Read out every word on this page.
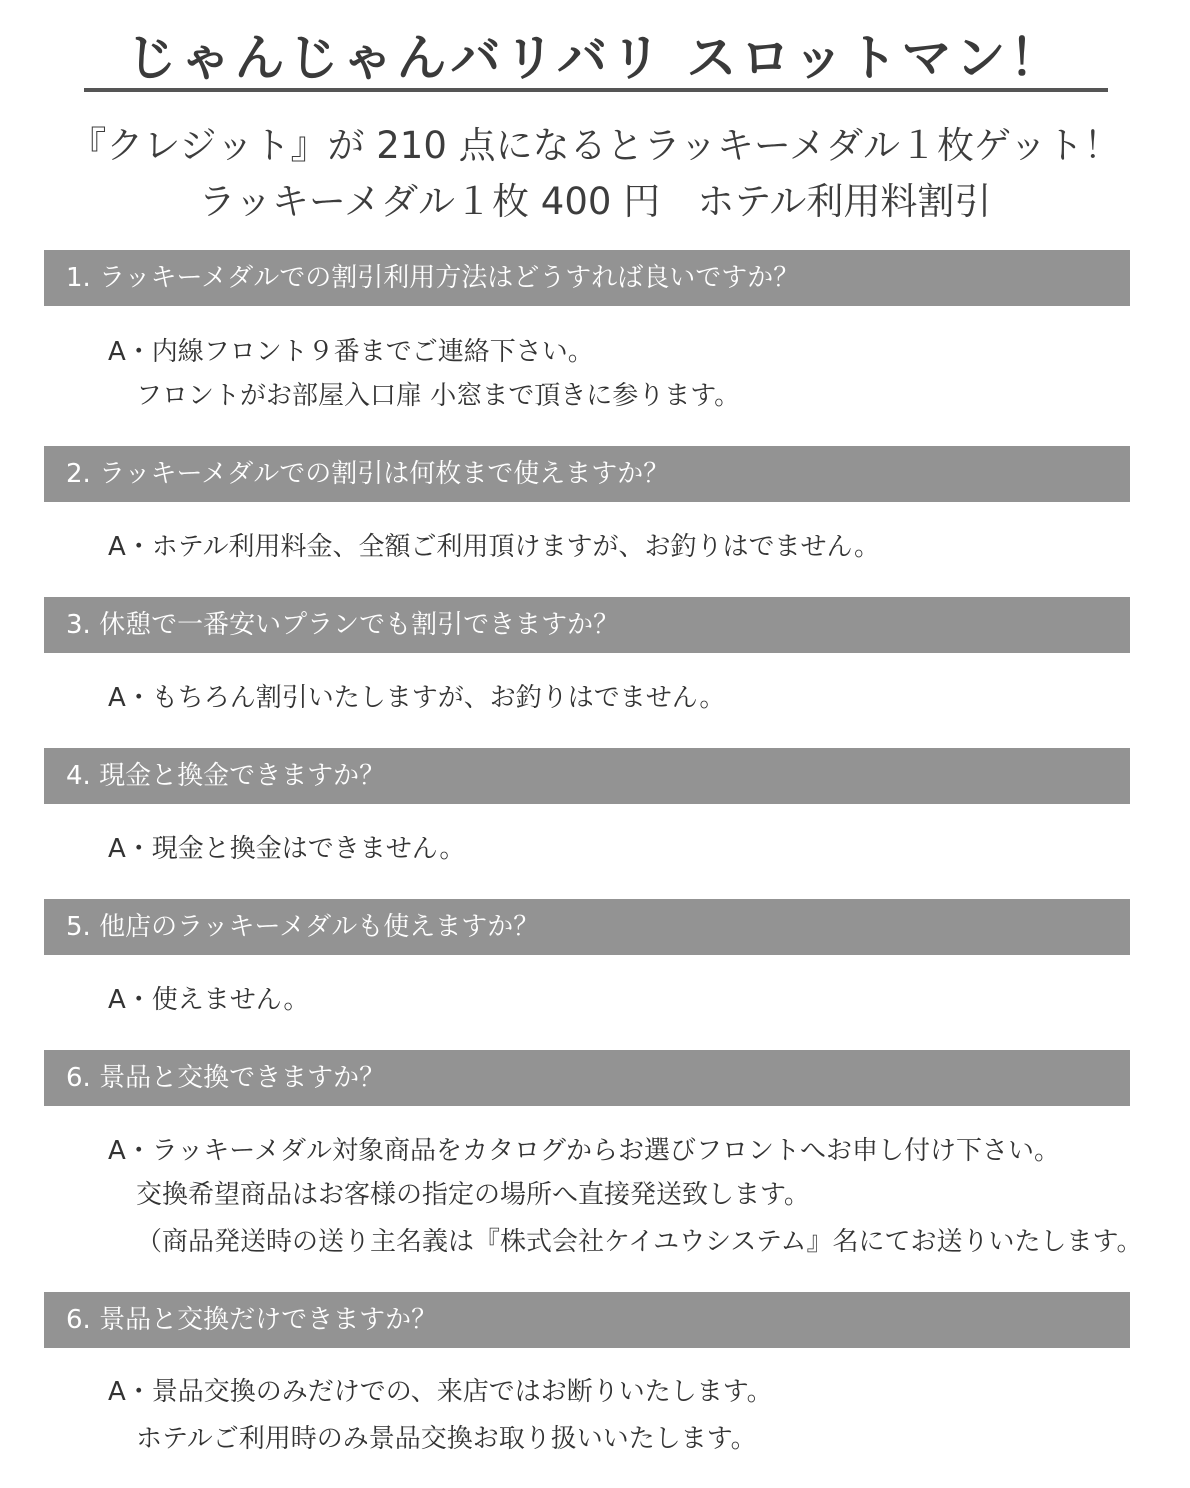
じゃんじゃんバリバリ スロットマン！
『クレジット』が 210 点になるとラッキーメダル１枚ゲット！
ラッキーメダル１枚 400 円　ホテル利用料割引
1. ラッキーメダルでの割引利用方法はどうすれば良いですか？
A・内線フロント９番までご連絡下さい。
フロントがお部屋入口扉 小窓まで頂きに参ります。
2. ラッキーメダルでの割引は何枚まで使えますか？
A・ホテル利用料金、全額ご利用頂けますが、お釣りはでません。
3. 休憩で一番安いプランでも割引できますか？
A・もちろん割引いたしますが、お釣りはでません。
4. 現金と換金できますか？
A・現金と換金はできません。
5. 他店のラッキーメダルも使えますか？
A・使えません。
6. 景品と交換できますか？
A・ラッキーメダル対象商品をカタログからお選びフロントへお申し付け下さい。
交換希望商品はお客様の指定の場所へ直接発送致します。
（商品発送時の送り主名義は『株式会社ケイユウシステム』名にてお送りいたします。
6. 景品と交換だけできますか？
A・景品交換のみだけでの、来店ではお断りいたします。
ホテルご利用時のみ景品交換お取り扱いいたします。
